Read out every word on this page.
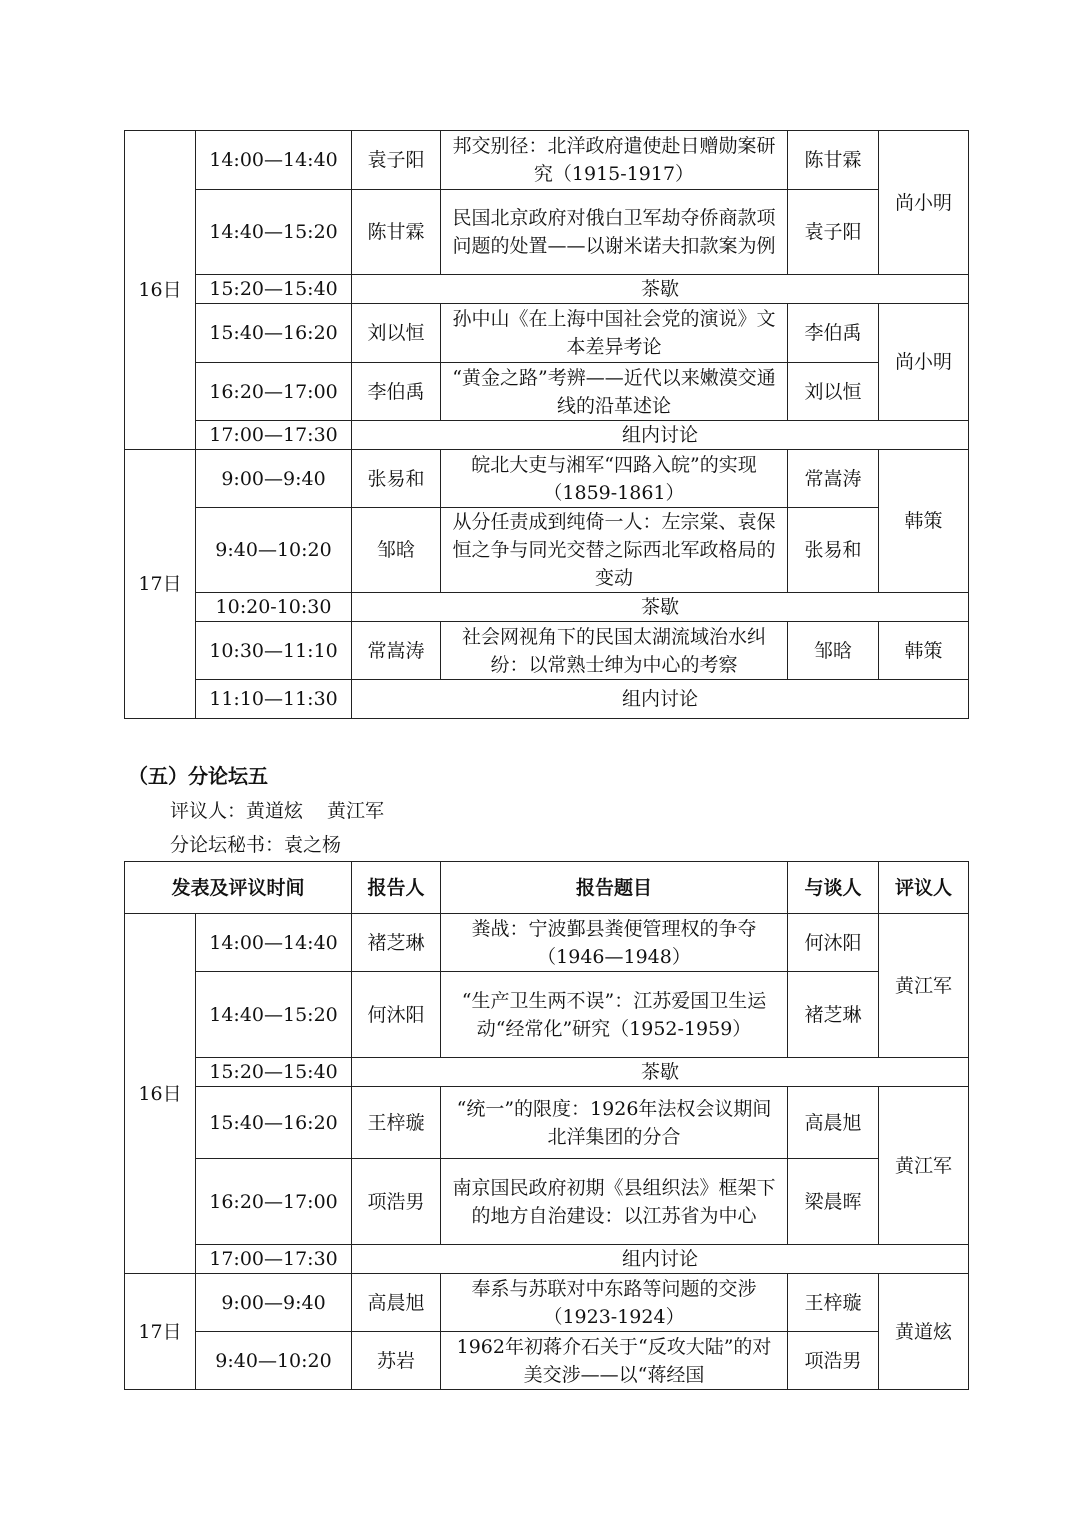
16日	14:00—14:40	袁子阳	邦交别径：北洋政府遣使赴日赠勋案研究（1915-1917）	陈甘霖	尚小明
	14:40—15:20	陈甘霖	民国北京政府对俄白卫军劫夺侨商款项问题的处置——以谢米诺夫扣款案为例	袁子阳	
	15:20—15:40	茶歇			
	15:40—16:20	刘以恒	孙中山《在上海中国社会党的演说》文本差异考论	李伯禹	尚小明
	16:20—17:00	李伯禹	“黄金之路”考辨——近代以来嫩漠交通线的沿革述论	刘以恒	
	17:00—17:30	组内讨论			
17日	9:00—9:40	张易和	皖北大吏与湘军“四路入皖”的实现（1859-1861）	常嵩涛	韩策
	9:40—10:20	邹晗	从分任责成到纯倚一人：左宗棠、袁保恒之争与同光交替之际西北军政格局的变动	张易和	
	10:20-10:30	茶歇			
	10:30—11:10	常嵩涛	社会网视角下的民国太湖流域治水纠纷：以常熟士绅为中心的考察	邹晗	韩策
	11:10—11:30	组内讨论			
（五）分论坛五
评议人：黄道炫 黄江军
分论坛秘书：袁之杨
发表及评议时间		报告人	报告题目	与谈人	评议人
16日	14:00—14:40	褚芝琳	粪战：宁波鄞县粪便管理权的争夺（1946—1948）	何沐阳	黄江军
	14:40—15:20	何沐阳	“生产卫生两不误”：江苏爱国卫生运动“经常化”研究（1952-1959）	褚芝琳	
	15:20—15:40	茶歇			
	15:40—16:20	王梓璇	“统一”的限度：1926年法权会议期间北洋集团的分合	高晨旭	黄江军
	16:20—17:00	项浩男	南京国民政府初期《县组织法》框架下的地方自治建设：以江苏省为中心	梁晨晖	
	17:00—17:30	组内讨论			
17日	9:00—9:40	高晨旭	奉系与苏联对中东路等问题的交涉（1923-1924）	王梓璇	黄道炫
	9:40—10:20	苏岩	1962年初蒋介石关于“反攻大陆”的对美交涉——以“蒋经国	项浩男	
